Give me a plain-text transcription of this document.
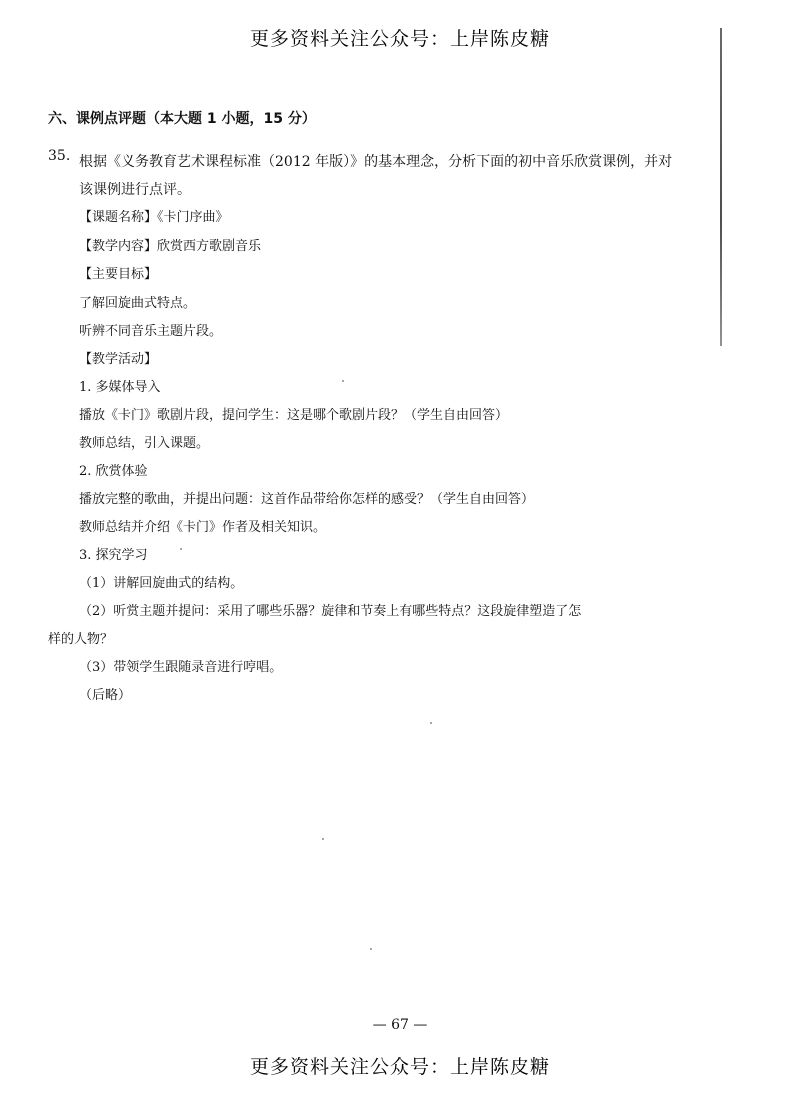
更多资料关注公众号：上岸陈皮糖
六、课例点评题（本大题 1 小题，15 分）
35. 根据《义务教育艺术课程标准（2012 年版）》的基本理念，分析下面的初中音乐欣赏课例，并对该课例进行点评。
【课题名称】《卡门序曲》
【教学内容】欣赏西方歌剧音乐
【主要目标】
了解回旋曲式特点。
听辨不同音乐主题片段。
【教学活动】
1. 多媒体导入
播放《卡门》歌剧片段，提问学生：这是哪个歌剧片段？（学生自由回答）
教师总结，引入课题。
2. 欣赏体验
播放完整的歌曲，并提出问题：这首作品带给你怎样的感受？（学生自由回答）
教师总结并介绍《卡门》作者及相关知识。
3. 探究学习
（1）讲解回旋曲式的结构。
（2）听赏主题并提问：采用了哪些乐器？旋律和节奏上有哪些特点？这段旋律塑造了怎
样的人物？
（3）带领学生跟随录音进行哼唱。
（后略）
— 67 —
更多资料关注公众号：上岸陈皮糖
